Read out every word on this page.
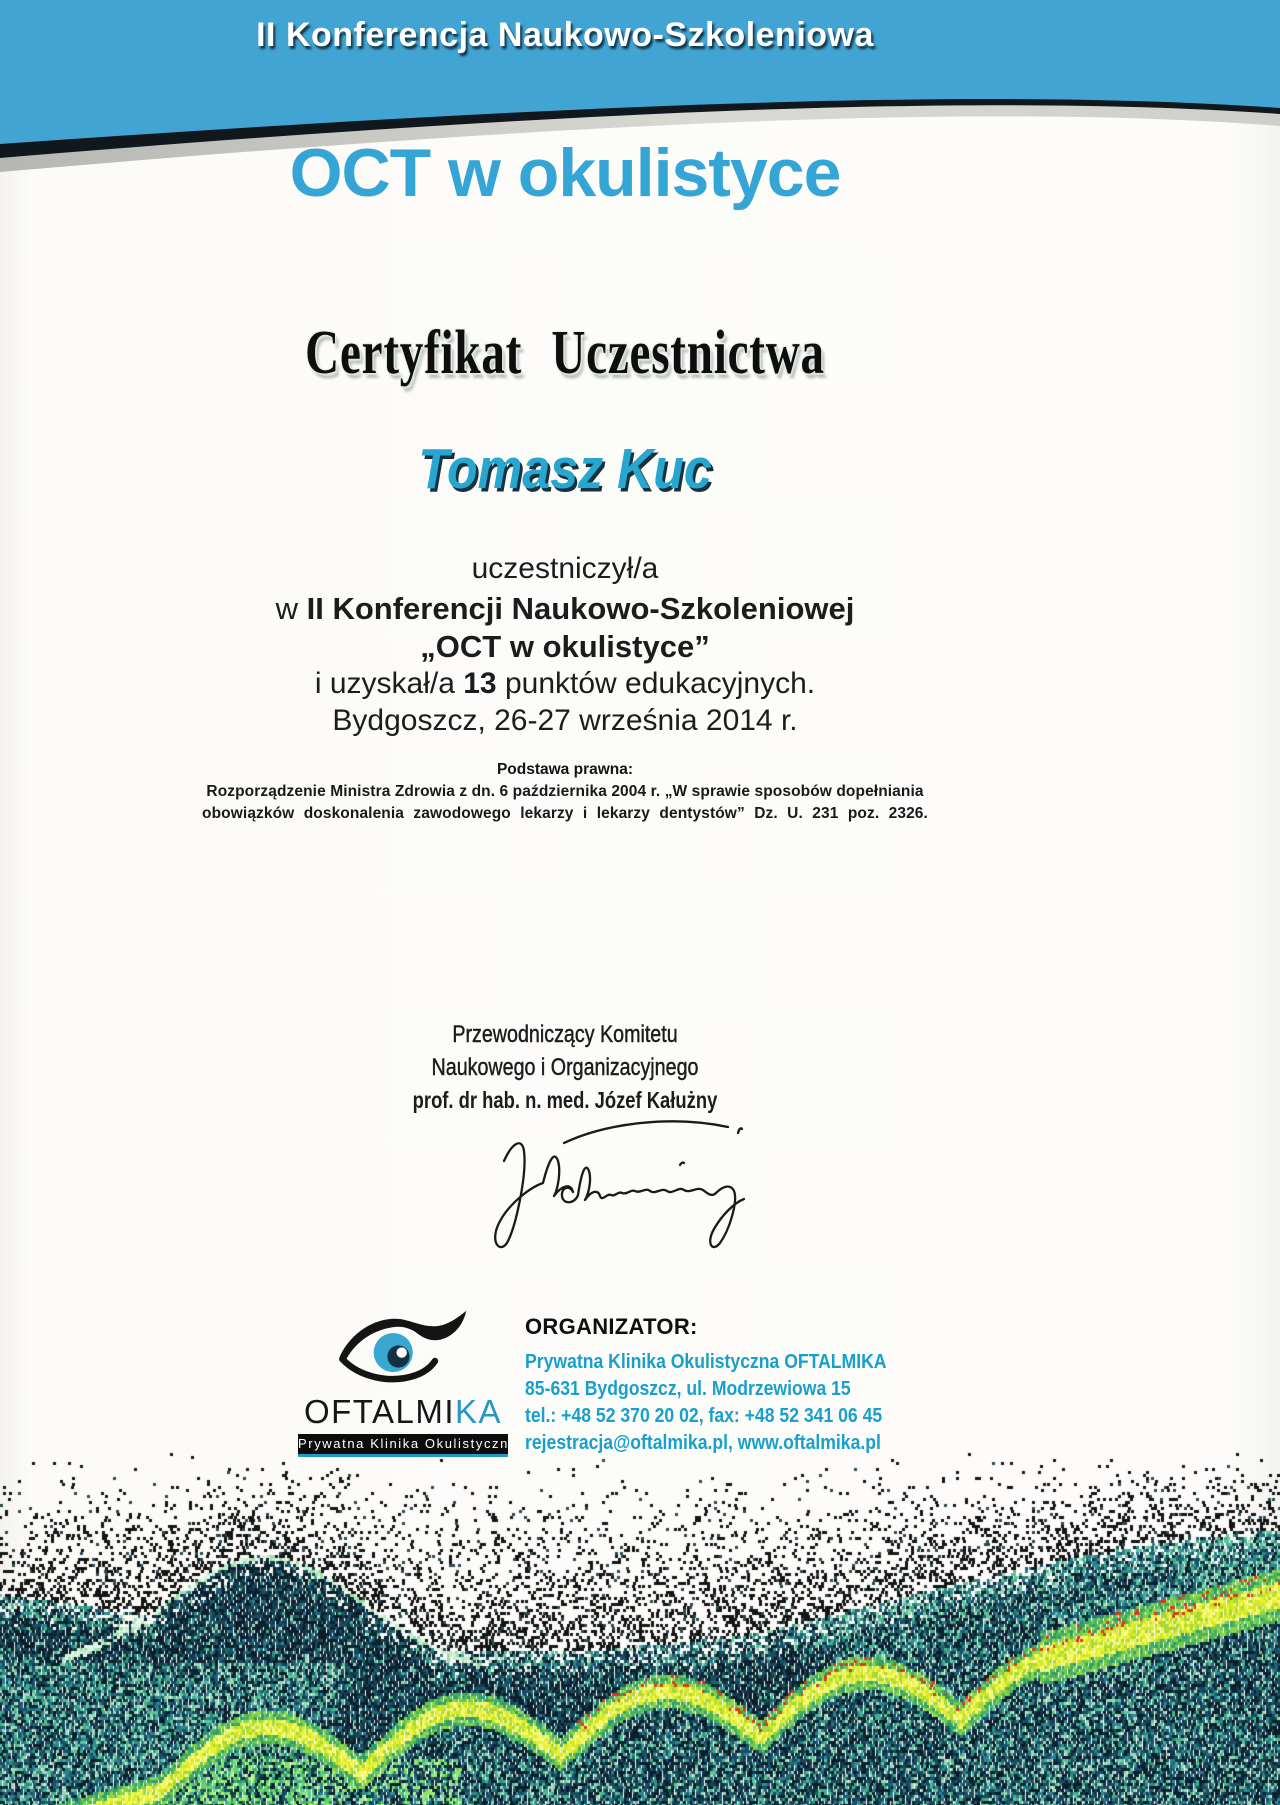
II Konferencja Naukowo-Szkoleniowa
OCT w okulistyce
Certyfikat Uczestnictwa
Tomasz Kuc
uczestniczył/a
w II Konferencji Naukowo-Szkoleniowej
„OCT w okulistyce”
i uzyskał/a 13 punktów edukacyjnych.
Bydgoszcz, 26-27 września 2014 r.
Podstawa prawna:
Rozporządzenie Ministra Zdrowia z dn. 6 października 2004 r. „W sprawie sposobów dopełniania
obowiązków doskonalenia zawodowego lekarzy i lekarzy dentystów” Dz. U. 231 poz. 2326.
Przewodniczący Komitetu
Naukowego i Organizacyjnego
prof. dr hab. n. med. Józef Kałużny
OFTALMIKA
Prywatna Klinika Okulistyczna
ORGANIZATOR:
Prywatna Klinika Okulistyczna OFTALMIKA
85-631 Bydgoszcz, ul. Modrzewiowa 15
tel.: +48 52 370 20 02, fax: +48 52 341 06 45
rejestracja@oftalmika.pl, www.oftalmika.pl
